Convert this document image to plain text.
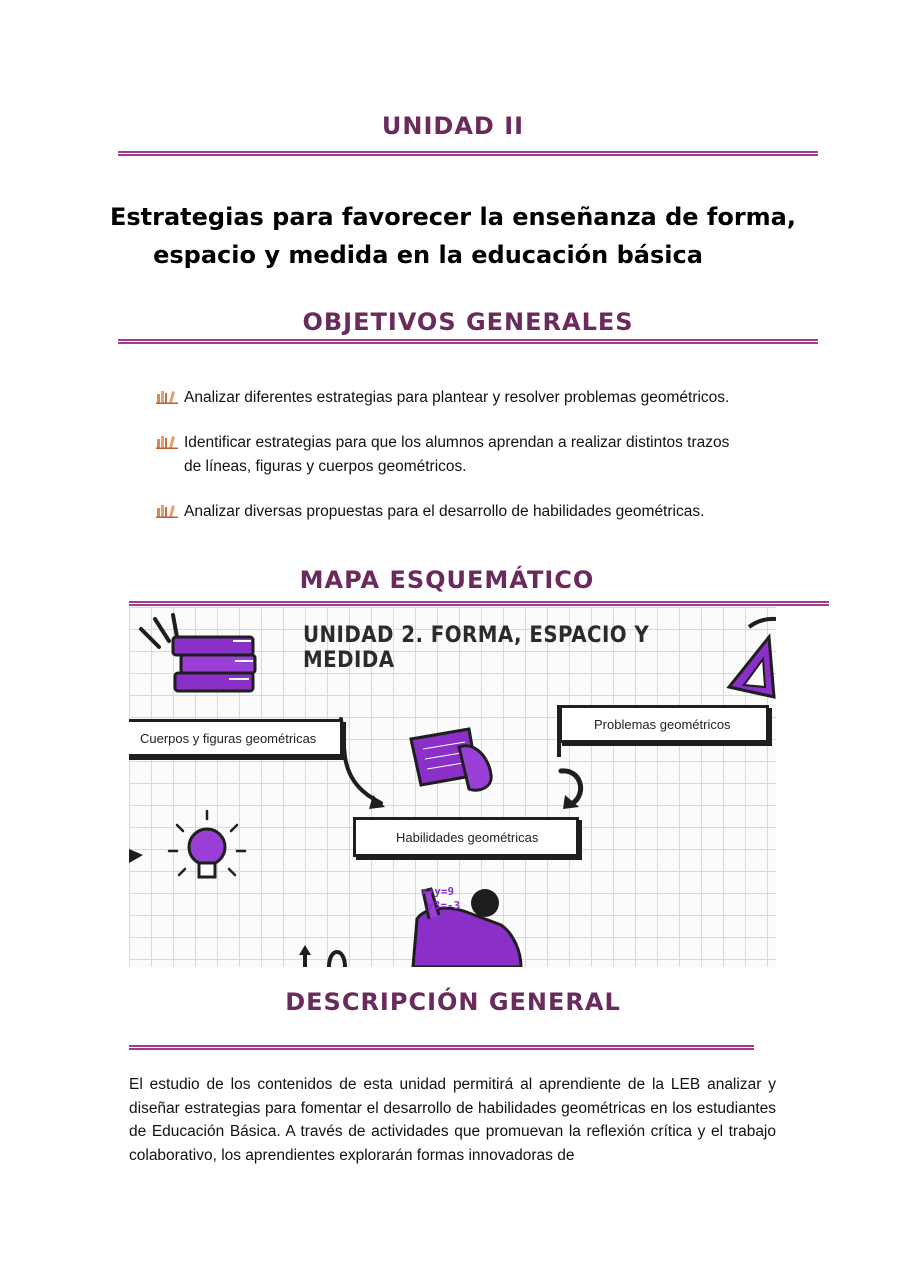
UNIDAD II
Estrategias para favorecer la enseñanza de forma,
espacio y medida en la educación básica
OBJETIVOS GENERALES
Analizar diferentes estrategias para plantear y resolver problemas geométricos.
Identificar estrategias para que los alumnos aprendan a realizar distintos trazos
de líneas, figuras y cuerpos geométricos.
Analizar diversas propuestas para el desarrollo de habilidades geométricas.
MAPA ESQUEMÁTICO
UNIDAD 2. FORMA, ESPACIO Y MEDIDA
Cuerpos y figuras geométricas
Problemas geométricos
Habilidades geométricas
x+y=9
y3=-3
DESCRIPCIÓN GENERAL
El estudio de los contenidos de esta unidad permitirá al aprendiente de la LEB analizar y diseñar estrategias para fomentar el desarrollo de habilidades geométricas en los estudiantes de Educación Básica. A través de actividades que promuevan la reflexión crítica y el trabajo colaborativo, los aprendientes explorarán formas innovadoras de
